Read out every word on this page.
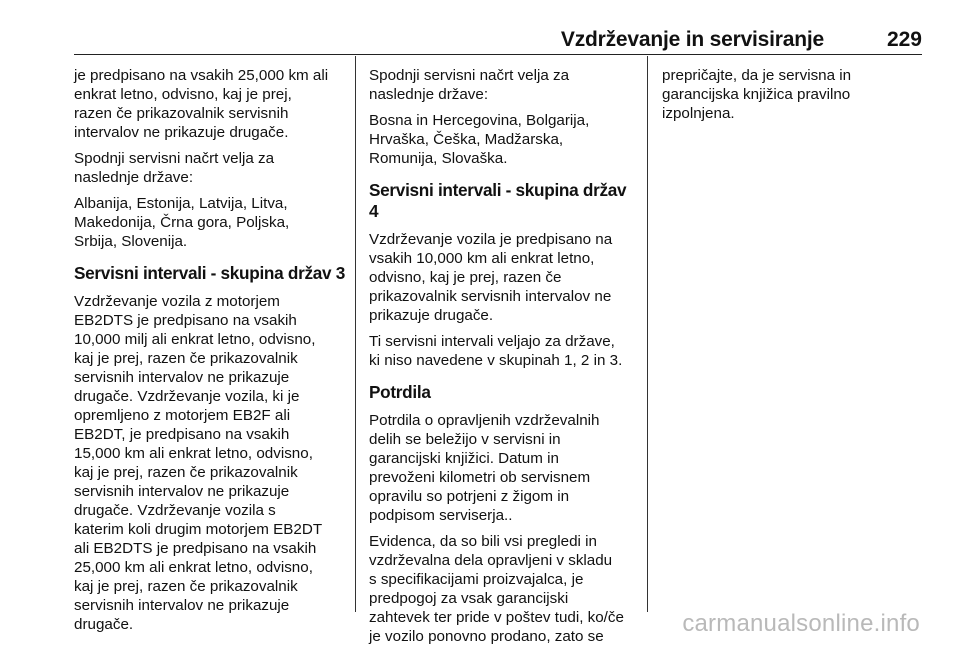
Vzdrževanje in servisiranje	229

je predpisano na vsakih 25,000 km ali
enkrat letno, odvisno, kaj je prej,
razen če prikazovalnik servisnih
intervalov ne prikazuje drugače.

Spodnji servisni načrt velja za
naslednje države:

Albanija, Estonija, Latvija, Litva,
Makedonija, Črna gora, Poljska,
Srbija, Slovenija.

Servisni intervali - skupina držav 3

Vzdrževanje vozila z motorjem
EB2DTS je predpisano na vsakih
10,000 milj ali enkrat letno, odvisno,
kaj je prej, razen če prikazovalnik
servisnih intervalov ne prikazuje
drugače. Vzdrževanje vozila, ki je
opremljeno z motorjem EB2F ali
EB2DT, je predpisano na vsakih
15,000 km ali enkrat letno, odvisno,
kaj je prej, razen če prikazovalnik
servisnih intervalov ne prikazuje
drugače. Vzdrževanje vozila s
katerim koli drugim motorjem EB2DT
ali EB2DTS je predpisano na vsakih
25,000 km ali enkrat letno, odvisno,
kaj je prej, razen če prikazovalnik
servisnih intervalov ne prikazuje
drugače.

Spodnji servisni načrt velja za
naslednje države:

Bosna in Hercegovina, Bolgarija,
Hrvaška, Češka, Madžarska,
Romunija, Slovaška.

Servisni intervali - skupina držav 4

Vzdrževanje vozila je predpisano na
vsakih 10,000 km ali enkrat letno,
odvisno, kaj je prej, razen če
prikazovalnik servisnih intervalov ne
prikazuje drugače.

Ti servisni intervali veljajo za države,
ki niso navedene v skupinah 1, 2 in 3.

Potrdila

Potrdila o opravljenih vzdrževalnih
delih se beležijo v servisni in
garancijski knjižici. Datum in
prevoženi kilometri ob servisnem
opravilu so potrjeni z žigom in
podpisom serviserja..

Evidenca, da so bili vsi pregledi in
vzdrževalna dela opravljeni v skladu
s specifikacijami proizvajalca, je
predpogoj za vsak garancijski
zahtevek ter pride v poštev tudi, ko/če
je vozilo ponovno prodano, zato se

prepričajte, da je servisna in
garancijska knjižica pravilno
izpolnjena.

carmanualsonline.info
